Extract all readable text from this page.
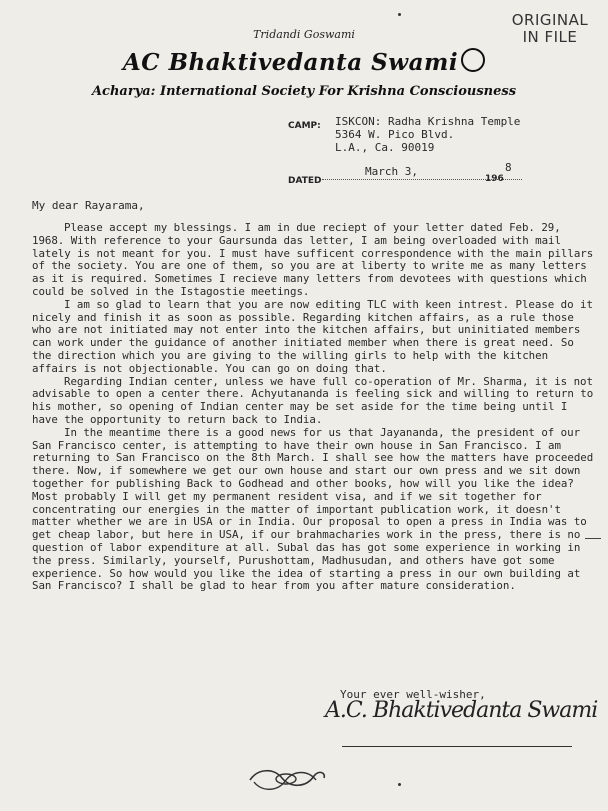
ORIGINAL
IN FILE
Tridandi Goswami
AC Bhaktivedanta Swami
Acharya: International Society For Krishna Consciousness
CAMP: ISKCON: Radha Krishna Temple
5364 W. Pico Blvd.
L.A., Ca. 90019
DATED
March 3,
196
8
My dear Rayarama,

Please accept my blessings. I am in due reciept of your letter dated Feb. 29, 1968. With reference to your Gaursunda das letter, I am being overloaded with mail lately is not meant for you. I must have sufficent correspondence with the main pillars of the society. You are one of them, so you are at liberty to write me as many letters as it is required. Sometimes I recieve many letters from devotees with questions which could be solved in the Istagostie meetings.

I am so glad to learn that you are now editing TLC with keen intrest. Please do it nicely and finish it as soon as possible. Regarding kitchen affairs, as a rule those who are not initiated may not enter into the kitchen affairs, but uninitiated members can work under the guidance of another initiated member when there is great need. So the direction which you are giving to the willing girls to help with the kitchen affairs is not objectionable. You can go on doing that.

Regarding Indian center, unless we have full co-operation of Mr. Sharma, it is not advisable to open a center there. Achyutananda is feeling sick and willing to return to his mother, so opening of Indian center may be set aside for the time being until I have the opportunity to return back to India.

In the meantime there is a good news for us that Jayananda, the president of our San Francisco center, is attempting to have their own house in San Francisco. I am returning to San Francisco on the 8th March. I shall see how the matters have proceeded there. Now, if somewhere we get our own house and start our own press and we sit down together for publishing Back to Godhead and other books, how will you like the idea? Most probably I will get my permanent resident visa, and if we sit together for concentrating our energies in the matter of important publication work, it doesn't matter whether we are in USA or in India. Our proposal to open a press in India was to get cheap labor, but here in USA, if our brahmacharies work in the press, there is no question of labor expenditure at all. Subal das has got some experience in working in the press. Similarly, yourself, Purushottam, Madhusudan, and others have got some experience. So how would you like the idea of starting a press in our own building at San Francisco? I shall be glad to hear from you after mature consideration.

Your ever well-wisher,
A.C. Bhaktivedanta Swami
